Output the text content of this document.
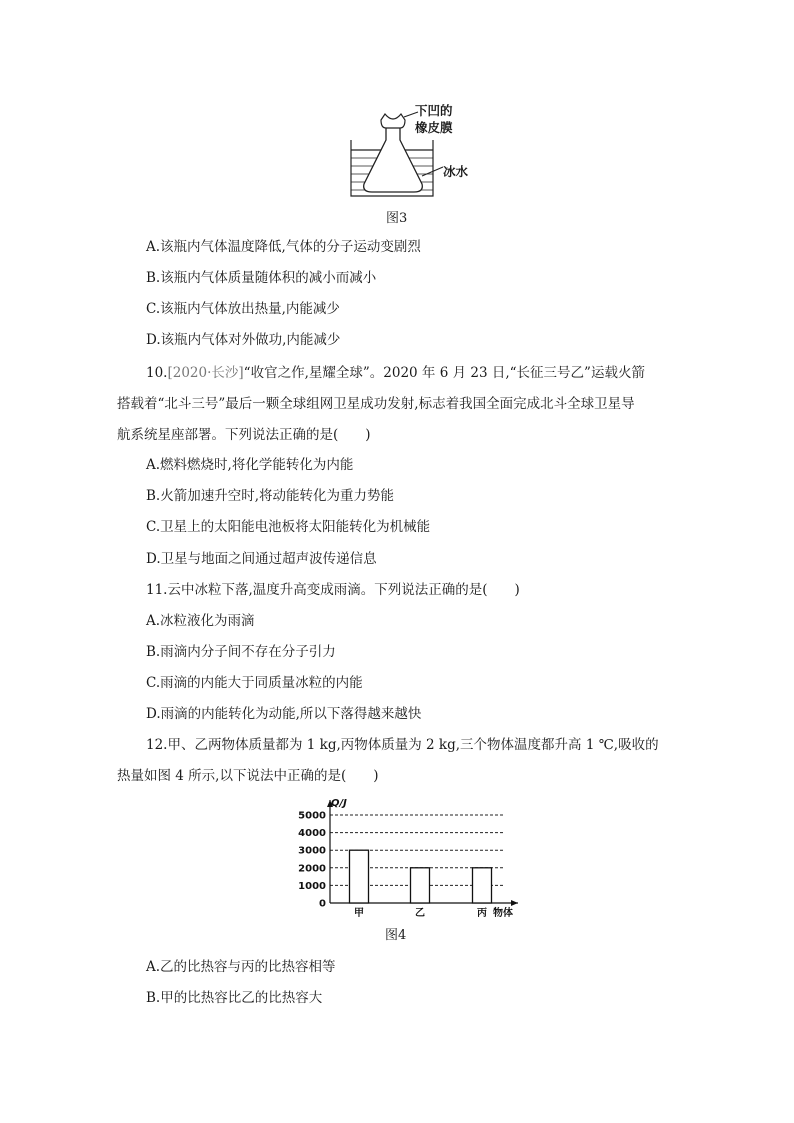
下凹的
橡皮膜
冰水
图3
A.该瓶内气体温度降低,气体的分子运动变剧烈
B.该瓶内气体质量随体积的减小而减小
C.该瓶内气体放出热量,内能减少
D.该瓶内气体对外做功,内能减少
10.[2020·长沙]“收官之作,星耀全球”。2020 年 6 月 23 日,“长征三号乙”运载火箭
搭载着“北斗三号”最后一颗全球组网卫星成功发射,标志着我国全面完成北斗全球卫星导
航系统星座部署。下列说法正确的是(　　)
A.燃料燃烧时,将化学能转化为内能
B.火箭加速升空时,将动能转化为重力势能
C.卫星上的太阳能电池板将太阳能转化为机械能
D.卫星与地面之间通过超声波传递信息
11.云中冰粒下落,温度升高变成雨滴。下列说法正确的是(　　)
A.冰粒液化为雨滴
B.雨滴内分子间不存在分子引力
C.雨滴的内能大于同质量冰粒的内能
D.雨滴的内能转化为动能,所以下落得越来越快
12.甲、乙两物体质量都为 1 kg,丙物体质量为 2 kg,三个物体温度都升高 1 ℃,吸收的
热量如图 4 所示,以下说法中正确的是(　　)
0
1000
2000
3000
4000
5000
Q/J
甲	乙	丙 物体
图4
A.乙的比热容与丙的比热容相等
B.甲的比热容比乙的比热容大
